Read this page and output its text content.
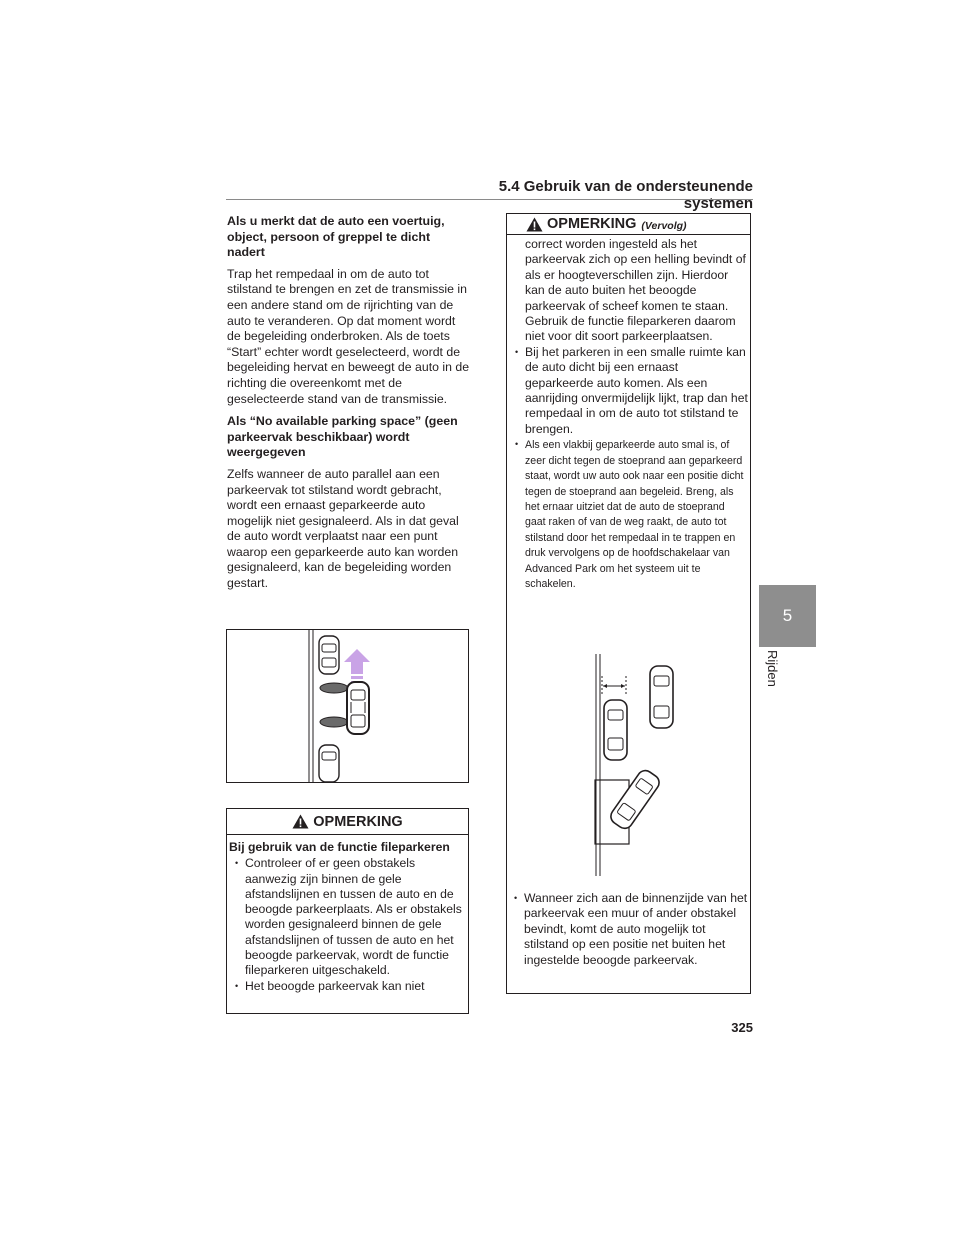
5.4 Gebruik van de ondersteunende systemen
5
Rijden
Als u merkt dat de auto een voertuig, object, persoon of greppel te dicht nadert

Trap het rempedaal in om de auto tot stilstand te brengen en zet de transmissie in een andere stand om de rijrichting van de auto te veranderen. Op dat moment wordt de begeleiding onderbroken. Als de toets “Start” echter wordt geselecteerd, wordt de begeleiding hervat en beweegt de auto in de richting die overeenkomt met de geselecteerde stand van de transmissie.

Als “No available parking space” (geen parkeervak beschikbaar) wordt weergegeven

Zelfs wanneer de auto parallel aan een parkeervak tot stilstand wordt gebracht, wordt een ernaast geparkeerde auto mogelijk niet gesignaleerd. Als in dat geval de auto wordt verplaatst naar een punt waarop een geparkeerde auto kan worden gesignaleerd, kan de begeleiding worden gestart.

OPMERKING
Bij gebruik van de functie fileparkeren
• Controleer of er geen obstakels aanwezig zijn binnen de gele afstandslijnen en tussen de auto en de beoogde parkeerplaats. Als er obstakels worden gesignaleerd binnen de gele afstandslijnen of tussen de auto en het beoogde parkeervak, wordt de functie fileparkeren uitgeschakeld.
• Het beoogde parkeervak kan niet
OPMERKING (Vervolg)
correct worden ingesteld als het parkeervak zich op een helling bevindt of als er hoogteverschillen zijn. Hierdoor kan de auto buiten het beoogde parkeervak of scheef komen te staan. Gebruik de functie fileparkeren daarom niet voor dit soort parkeerplaatsen.
• Bij het parkeren in een smalle ruimte kan de auto dicht bij een ernaast geparkeerde auto komen. Als een aanrijding onvermijdelijk lijkt, trap dan het rempedaal in om de auto tot stilstand te brengen.
• Als een vlakbij geparkeerde auto smal is, of zeer dicht tegen de stoeprand aan geparkeerd staat, wordt uw auto ook naar een positie dicht tegen de stoeprand aan begeleid. Breng, als het ernaar uitziet dat de auto de stoeprand gaat raken of van de weg raakt, de auto tot stilstand door het rempedaal in te trappen en druk vervolgens op de hoofdschakelaar van Advanced Park om het systeem uit te schakelen.
• Wanneer zich aan de binnenzijde van het parkeervak een muur of ander obstakel bevindt, komt de auto mogelijk tot stilstand op een positie net buiten het ingestelde beoogde parkeervak.
325
